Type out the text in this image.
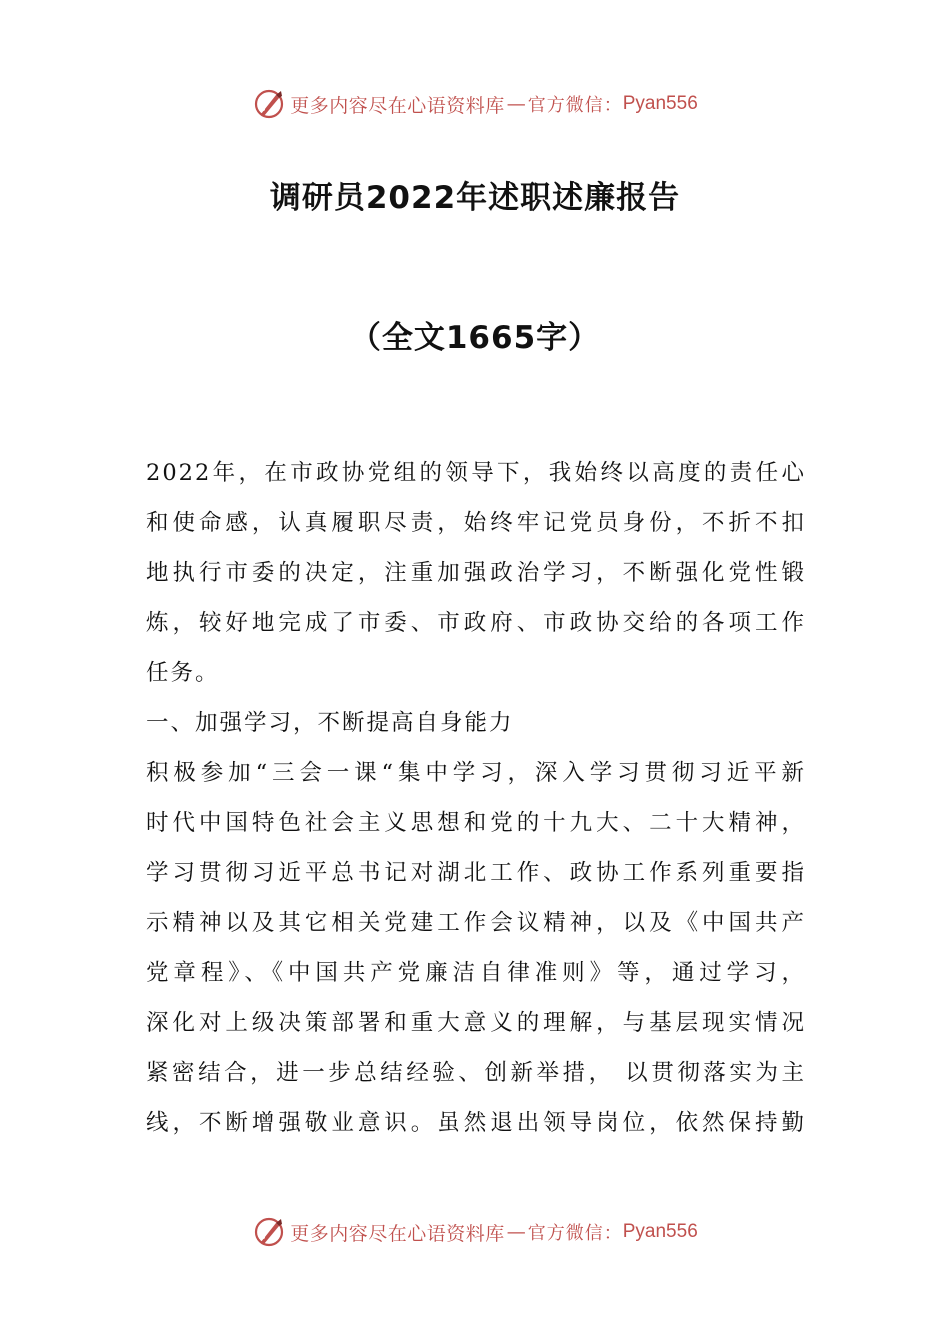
更多内容尽在心语资料库 — 官方微信： Pyan556
调研员2022年述职述廉报告
（全文1665字）
2022年，在市政协党组的领导下，我始终以高度的责任心
和使命感，认真履职尽责，始终牢记党员身份，不折不扣
地执行市委的决定，注重加强政治学习，不断强化党性锻
炼，较好地完成了市委、市政府、市政协交给的各项工作
任务。
一、加强学习，不断提高自身能力
积极参加“三会一课“集中学习，深入学习贯彻习近平新
时代中国特色社会主义思想和党的十九大、二十大精神，
学习贯彻习近平总书记对湖北工作、政协工作系列重要指
示精神以及其它相关党建工作会议精神，以及《中国共产
党章程》、《中国共产党廉洁自律准则》等，通过学习，
深化对上级决策部署和重大意义的理解，与基层现实情况
紧密结合，进一步总结经验、创新举措， 以贯彻落实为主
线，不断增强敬业意识。虽然退出领导岗位，依然保持勤
更多内容尽在心语资料库 — 官方微信： Pyan556
